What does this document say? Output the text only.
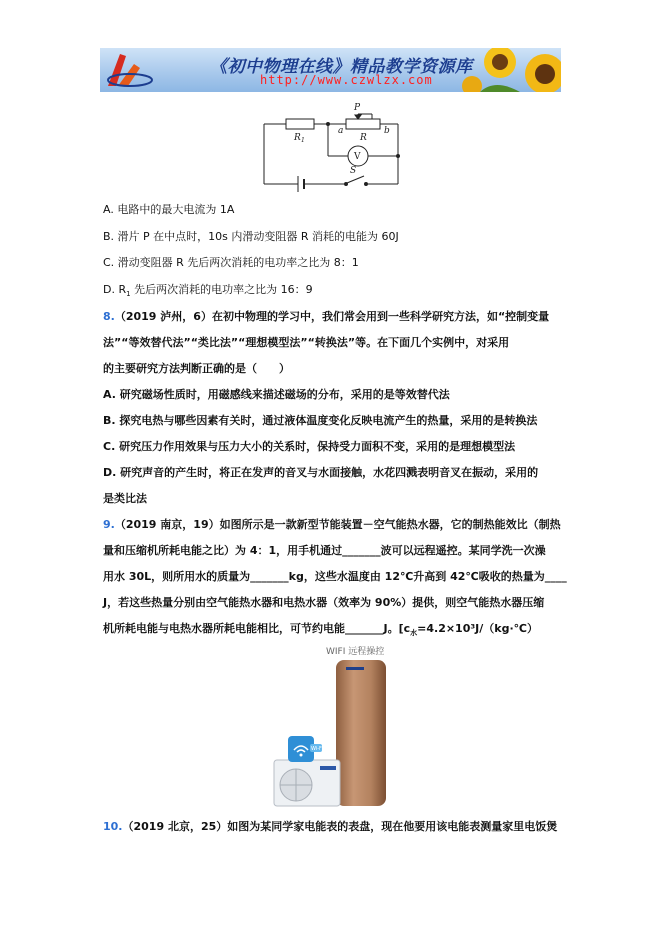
《初中物理在线》精品教学资源库
http://www.czwlzx.com
P
R 1
a
R
b
V
S
A. 电路中的最大电流为 1A
B. 滑片 P 在中点时，10s 内滑动变阻器 R 消耗的电能为 60J
C. 滑动变阻器 R 先后两次消耗的电功率之比为 8：1
D. $R_1$ 先后两次消耗的电功率之比为 16：9
8.（2019 泸州，6）在初中物理的学习中，我们常会用到一些科学研究方法，如“控制变量
法”“等效替代法”“类比法”“理想模型法”“转换法”等。在下面几个实例中，对采用
的主要研究方法判断正确的是（　　）
A. 研究磁场性质时，用磁感线来描述磁场的分布，采用的是等效替代法
B. 探究电热与哪些因素有关时，通过液体温度变化反映电流产生的热量，采用的是转换法
C. 研究压力作用效果与压力大小的关系时，保持受力面积不变，采用的是理想模型法
D. 研究声音的产生时，将正在发声的音叉与水面接触，水花四溅表明音叉在振动，采用的
是类比法
9.（2019 南京，19）如图所示是一款新型节能装置－空气能热水器，它的制热能效比（制热
量和压缩机所耗电能之比）为 4：1，用手机通过_______波可以远程遥控。某同学洗一次澡
用水 30L，则所用水的质量为_______kg，这些水温度由 12℃升高到 42℃吸收的热量为____
J，若这些热量分别由空气能热水器和电热水器（效率为 90%）提供，则空气能热水器压缩
机所耗电能与电热水器所耗电能相比，可节约电能_______J。[$c_水=4.2\times 10^3J/(kg\cdot℃)$
WIFI 远程操控
Wi-Fi
10.（2019 北京，25）如图为某同学家电能表的表盘，现在他要用该电能表测量家里电饭煲
